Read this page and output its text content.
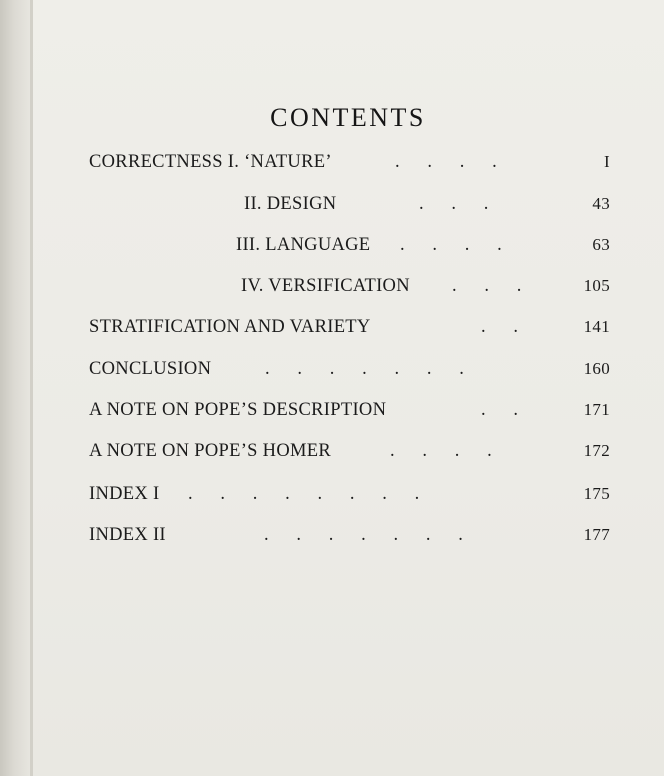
CONTENTS
CORRECTNESS I. ‘NATURE’	.      .      .      .	I
II. DESIGN	.      .      .	43
III. LANGUAGE .      .      .      .	63
IV. VERSIFICATION .      .      .	105
STRATIFICATION AND VARIETY	.      .	141
CONCLUSION	.      .      .      .      .      .      .	160
A NOTE ON POPE’S DESCRIPTION	.      .	171
A NOTE ON POPE’S HOMER	.      .      .      .	172
INDEX I .      .      .      .      .      .      .      .	175
INDEX II	.      .      .      .      .      .      .	177
